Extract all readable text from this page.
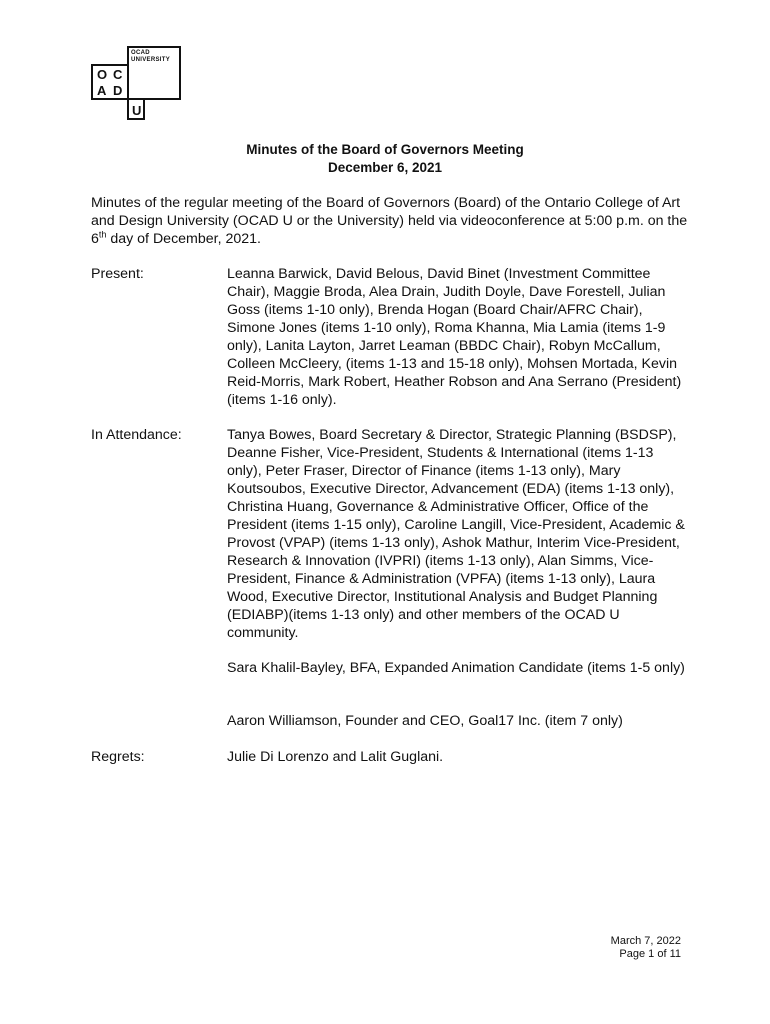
OCAD
UNIVERSITY
O C
A D
U
Minutes of the Board of Governors Meeting
December 6, 2021
Minutes of the regular meeting of the Board of Governors (Board) of the Ontario College of Art and Design University (OCAD U or the University) held via videoconference at 5:00 p.m. on the 6th day of December, 2021.
Present:	Leanna Barwick, David Belous, David Binet (Investment Committee Chair), Maggie Broda, Alea Drain, Judith Doyle, Dave Forestell, Julian Goss (items 1-10 only), Brenda Hogan (Board Chair/AFRC Chair), Simone Jones (items 1-10 only), Roma Khanna, Mia Lamia (items 1-9 only), Lanita Layton, Jarret Leaman (BBDC Chair), Robyn McCallum, Colleen McCleery, (items 1-13 and 15-18 only), Mohsen Mortada, Kevin Reid-Morris, Mark Robert, Heather Robson and Ana Serrano (President) (items 1-16 only).
In Attendance:	Tanya Bowes, Board Secretary & Director, Strategic Planning (BSDSP), Deanne Fisher, Vice-President, Students & International (items 1-13 only), Peter Fraser, Director of Finance (items 1-13 only), Mary Koutsoubos, Executive Director, Advancement (EDA) (items 1-13 only), Christina Huang, Governance & Administrative Officer, Office of the President (items 1-15 only), Caroline Langill, Vice-President, Academic & Provost (VPAP) (items 1-13 only), Ashok Mathur, Interim Vice-President, Research & Innovation (IVPRI) (items 1-13 only), Alan Simms, Vice-President, Finance & Administration (VPFA) (items 1-13 only), Laura Wood, Executive Director, Institutional Analysis and Budget Planning (EDIABP)(items 1-13 only) and other members of the OCAD U community.
Sara Khalil-Bayley, BFA, Expanded Animation Candidate (items 1-5 only)
Aaron Williamson, Founder and CEO, Goal17 Inc. (item 7 only)
Regrets:	Julie Di Lorenzo and Lalit Guglani.
March 7, 2022
Page 1 of 11
